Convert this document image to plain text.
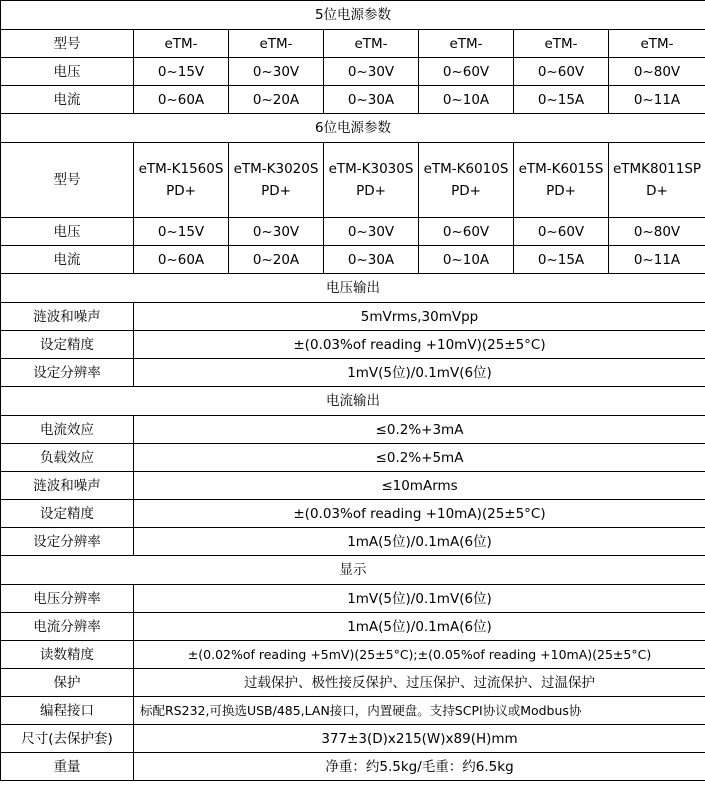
5位电源参数						
型号	eTM-	eTM-	eTM-	eTM-	eTM-	eTM-
电压	0~15V	0~30V	0~30V	0~60V	0~60V	0~80V
电流	0~60A	0~20A	0~30A	0~10A	0~15A	0~11A
6位电源参数						
型号	eTM-K1560SPD+	eTM-K3020SPD+	eTM-K3030SPD+	eTM-K6010SPD+	eTM-K6015SPD+	eTMK8011SPD+
电压	0~15V	0~30V	0~30V	0~60V	0~60V	0~80V
电流	0~60A	0~20A	0~30A	0~10A	0~15A	0~11A
电压输出						
涟波和噪声	5mVrms,30mVpp					
设定精度	±(0.03%of reading +10mV)(25±5°C)					
设定分辨率	1mV(5位)/0.1mV(6位)					
电流输出						
电流效应	≤0.2%+3mA					
负载效应	≤0.2%+5mA					
涟波和噪声	≤10mArms					
设定精度	±(0.03%of reading +10mA)(25±5°C)					
设定分辨率	1mA(5位)/0.1mA(6位)					
显示						
电压分辨率	1mV(5位)/0.1mV(6位)					
电流分辨率	1mA(5位)/0.1mA(6位)					
读数精度	±(0.02%of reading +5mV)(25±5°C);±(0.05%of reading +10mA)(25±5°C)					
保护	过载保护、极性接反保护、过压保护、过流保护、过温保护					
编程接口	标配RS232,可换选USB/485,LAN接口，内置硬盘。支持SCPI协议或Modbus协					
尺寸(去保护套)	377±3(D)x215(W)x89(H)mm					
重量	净重：约5.5kg/毛重：约6.5kg					
